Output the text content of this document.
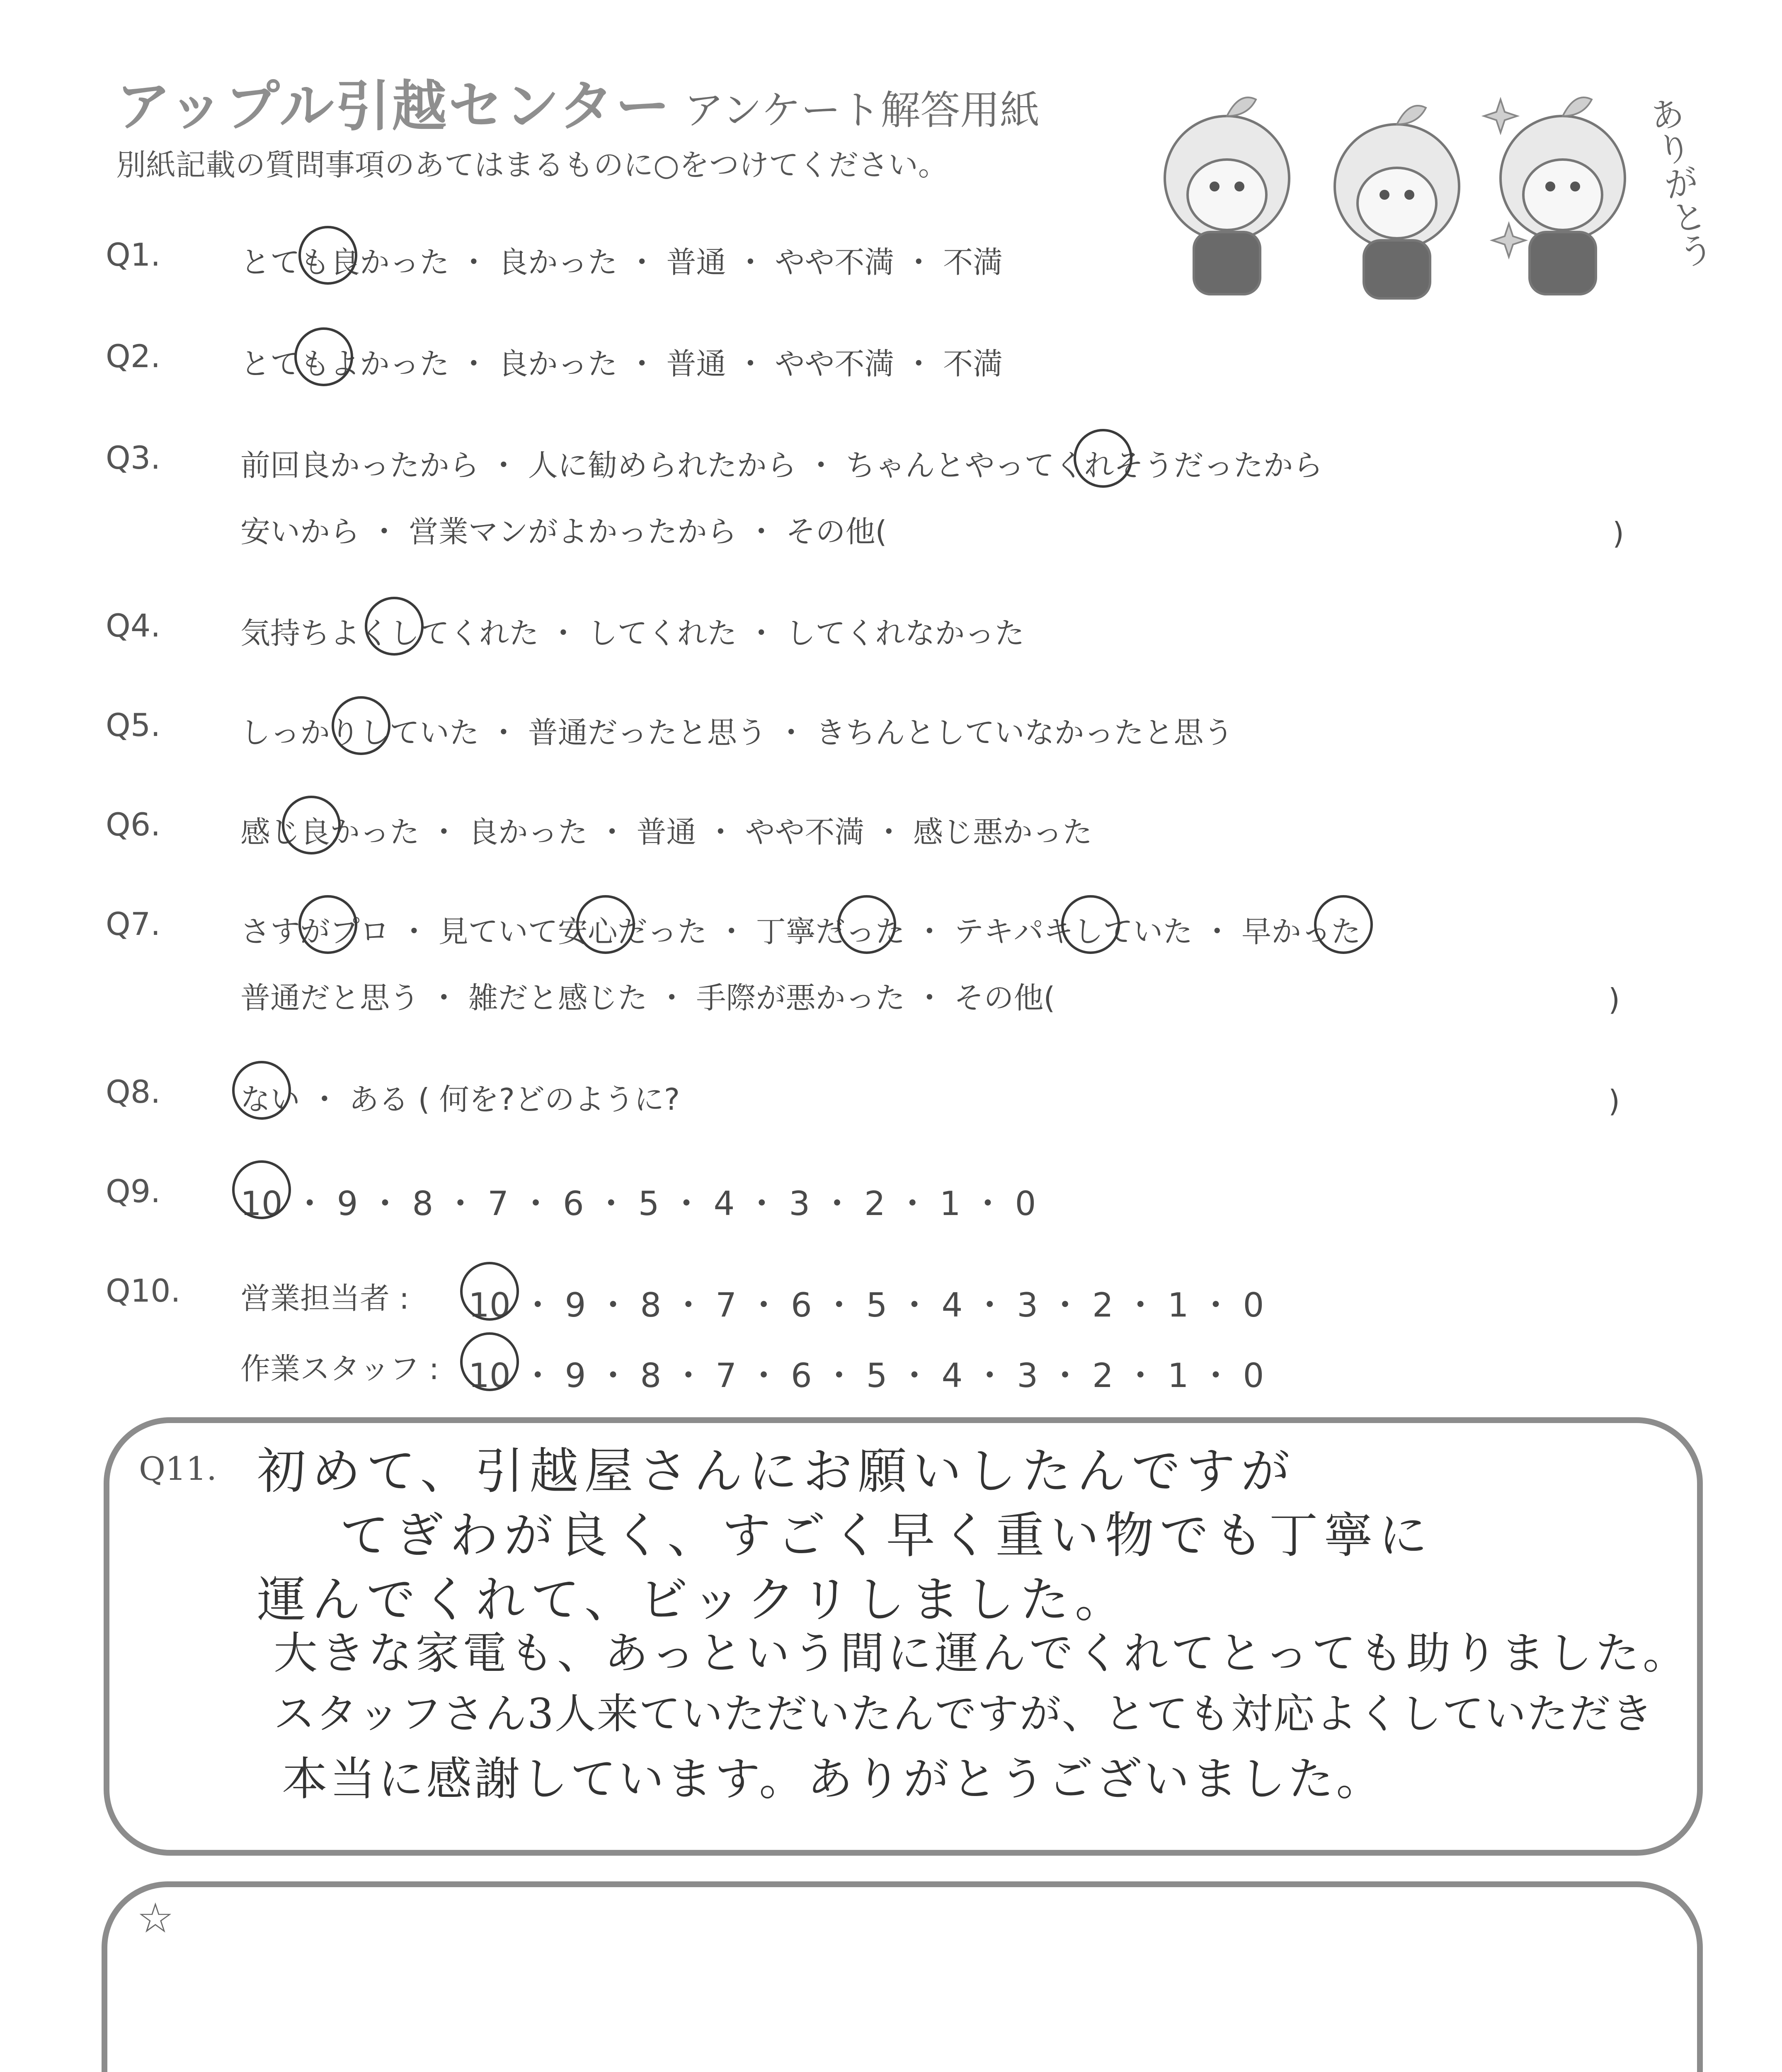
アップル引越センター アンケート解答用紙
別紙記載の質問事項のあてはまるものに○をつけてください。	ありがとう
Q1.	とても良かった ・ 良かった ・ 普通 ・ やや不満 ・ 不満
Q2.	とてもよかった ・ 良かった ・ 普通 ・ やや不満 ・ 不満
Q3.	前回良かったから ・ 人に勧められたから ・ ちゃんとやってくれそうだったから
安いから ・ 営業マンがよかったから ・ その他(	)
Q4.	気持ちよくしてくれた ・ してくれた ・ してくれなかった
Q5.	しっかりしていた ・ 普通だったと思う ・ きちんとしていなかったと思う
Q6.	感じ良かった ・ 良かった ・ 普通 ・ やや不満 ・ 感じ悪かった
Q7.	さすがプロ ・ 見ていて安心だった ・ 丁寧だった ・ テキパキしていた ・ 早かった
普通だと思う ・ 雑だと感じた ・ 手際が悪かった ・ その他(	)
Q8.	ない ・ ある ( 何を?どのように?	)
Q9. 10 ・ 9 ・ 8 ・ 7 ・ 6 ・ 5 ・ 4 ・ 3 ・ 2 ・ 1 ・ 0
Q10. 営業担当者 : 10 ・ 9 ・ 8 ・ 7 ・ 6 ・ 5 ・ 4 ・ 3 ・ 2 ・ 1 ・ 0
作業スタッフ : 10 ・ 9 ・ 8 ・ 7 ・ 6 ・ 5 ・ 4 ・ 3 ・ 2 ・ 1 ・ 0
Q11. 初めて、引越屋さんにお願いしたんですが
てぎわが良く、すごく早く重い物でも丁寧に
運んでくれて、ビックリしました。
大きな家電も、あっという間に運んでくれてとっても助りました。
スタッフさん3人来ていただいたんですが、とても対応よくしていただき
本当に感謝しています。ありがとうございました。
☆
